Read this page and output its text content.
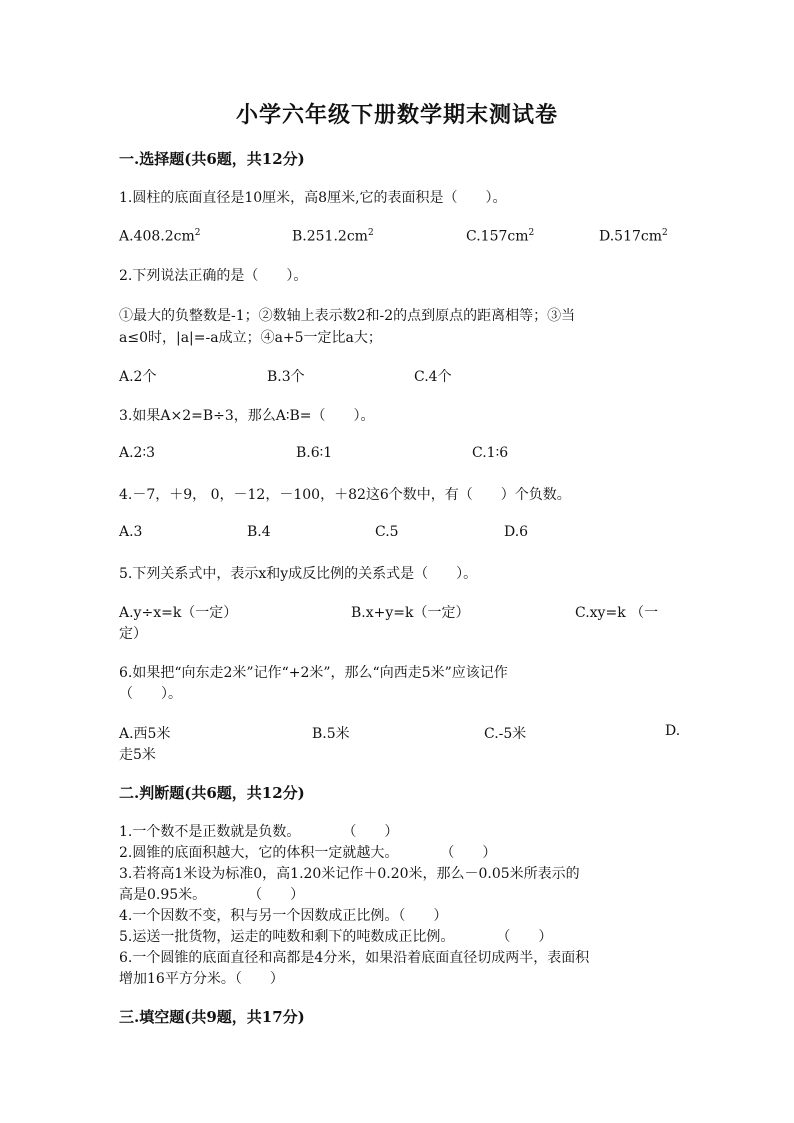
小学六年级下册数学期末测试卷
一.选择题(共6题，共12分)
1.圆柱的底面直径是10厘米，高8厘米,它的表面积是（　　）。
$A.408.2cm^2$	$B.251.2cm^2$	$C.157cm^2$	$D.517cm^2$
2.下列说法正确的是（　　）。
①最大的负整数是-1；②数轴上表示数2和-2的点到原点的距离相等；③当
a≤0时，|a|=-a成立；④a+5一定比a大；
A.2个	B.3个	C.4个
3.如果A×2=B÷3，那么A∶B=（　　）。
A.2∶3	B.6∶1	C.1∶6
4.－7，＋9， 0，－12，－100，＋82这6个数中，有（　　）个负数。
A.3	B.4	C.5	D.6
5.下列关系式中，表示x和y成反比例的关系式是（　　）。
A.y÷x=k（一定）	B.x+y=k（一定）	C.xy=k （一
定）
6.如果把“向东走2米”记作“+2米”，那么“向西走5米”应该记作
（　　）。
A.西5米	B.5米	C.-5米	D.
走5米
二.判断题(共6题，共12分)
1.一个数不是正数就是负数。　　　　（　　）
2.圆锥的底面积越大，它的体积一定就越大。　　　　（　　）
3.若将高1米设为标准0，高1.20米记作＋0.20米，那么－0.05米所表示的
高是0.95米。　　　　（　　）
4.一个因数不变，积与另一个因数成正比例。（　　）
5.运送一批货物，运走的吨数和剩下的吨数成正比例。　　　　（　　）
6.一个圆锥的底面直径和高都是4分米，如果沿着底面直径切成两半，表面积
增加16平方分米。（　　）
三.填空题(共9题，共17分)
